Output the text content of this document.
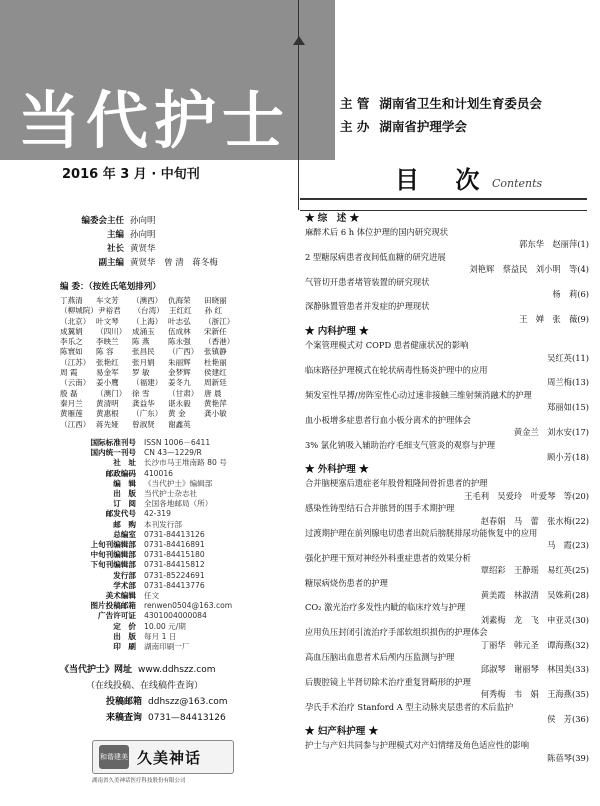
当代护士
2016 年 3 月 · 中旬刊
主 管 湖南省卫生和计划生育委员会
主 办 湖南省护理学会
目 次
Contents
编委会主任 孙向明
主编 孙向明
社长 黄贤华
副主编 黄贤华　曾 清　蒋冬梅
编 委：（按姓氏笔划排列）
丁燕清	车文芳	（澳西） 仇海荣	田晓丽
（柳城院） 尹裕君	（台湾） 王红红	孙 红
（北京） 叶文琴	（上海） 叶志弘	（浙江）
成翼娟	（四川） 成涌玉	伍成林	宋新任
李乐之	李映兰	陈 燕	陈永强	（香港）
陈寰如	陈 容	张昌民	（广西） 张镇静
（江苏） 张艳红	张月娟	朱丽辉	杜艳丽
周 霞	易金军	罗 敏	金梦辉	侯建红
（云南） 姜小鹰	（福建） 姜冬九	周新廷
殷 磊	（澳门） 徐 雪	（甘肃） 唐 晨
秦月兰	黄清明	龚益华	谌永毅	黄艳萍
黄雁莲	黄惠根	（广东） 黄 金	龚小敏
（江西） 蒋先娅	曾淑贤	谢鑫英
国际标准刊号 ISSN 1006－6411
国内统一刊号 CN 43—1229/R
社　址 长沙市马王堆南路 80 号
邮政编码 410016
编　辑 《当代护士》编辑部
出　版 当代护士杂志社
订　阅 全国各地邮局（所）
邮发代号 42-319
邮　购 本刊发行部
总编室 0731-84413126
上旬刊编辑部 0731-84416891
中旬刊编辑部 0731-84415180
下旬刊编辑部 0731-84415812
发行部 0731-85224691
学术部 0731-84413776
美术编辑 任文
图片投稿邮箱 renwen0504@163.com
广告许可证 4301004000084
定　价 10.00 元/期
出　版 每月 1 日
印　刷 湖南印刷一厂
《当代护士》网址 www.ddhszz.com
（在线投稿、在线稿件查询）
投稿邮箱 ddhszz@163.com
来稿查询 0731—84413126
和谐建美 久美神话
湖南省久美神话医疗科技股份有限公司
★ 综　述 ★
麻醉术后 6 h 体位护理的国内研究现状
郭东华　赵丽萍(1)
2 型糖尿病患者夜间低血糖的研究进展
刘艳辉　蔡益民　刘小明　等(4)
气管切开患者堵管装置的研究现状
杨　莉(6)
深静脉置管患者并发症的护理现状
王　婵　张　薇(9)
★ 内科护理 ★
个案管理模式对 COPD 患者健康状况的影响
吴红英(11)
临床路径护理模式在轮状病毒性肠炎护理中的应用
周兰梅(13)
频发室性早搏/房阵室性心动过速非接触三维射频消融术的护理
郑丽如(15)
血小板增多症患者行血小板分离术的护理体会
黄金兰　刘水安(17)
3% 氯化钠吸入辅助治疗毛细支气管炎的观察与护理
顾小芳(18)
★ 外科护理 ★
合并脑梗塞后遗症老年股骨粗隆间骨折患者的护理
王毛利　吴爱玲　叶爱琴　等(20)
感染性铸型结石合并脓肾的围手术期护理
赵春娟　马　蕾　张水梅(22)
过渡期护理在前列腺电切患者出院后膀胱排尿功能恢复中的应用
马　霞(23)
强化护理干预对神经外科重症患者的效果分析
覃绍彩　王静瑶　易红英(25)
糖尿病烧伤患者的护理
黄美霞　林淑清　吴姝莉(28)
CO₂ 激光治疗多发性内眦的临床疗效与护理
刘素梅　龙　飞　申亚灵(30)
应用负压封闭引流治疗手部软组织损伤的护理体会
丁丽华　韩元圣　谭海燕(32)
高血压脑出血患者术后颅内压监测与护理
邱淑琴　谢丽琴　林国美(33)
后腹腔镜上半肾切除术治疗重复肾畸形的护理
何秀梅　韦　娟　王海燕(35)
孕氏手术治疗 Stanford A 型主动脉夹层患者的术后监护
侯　芳(36)
★ 妇产科护理 ★
护士与产妇共同参与护理模式对产妇情绪及角色适应性的影响
陈蓓琴(39)
